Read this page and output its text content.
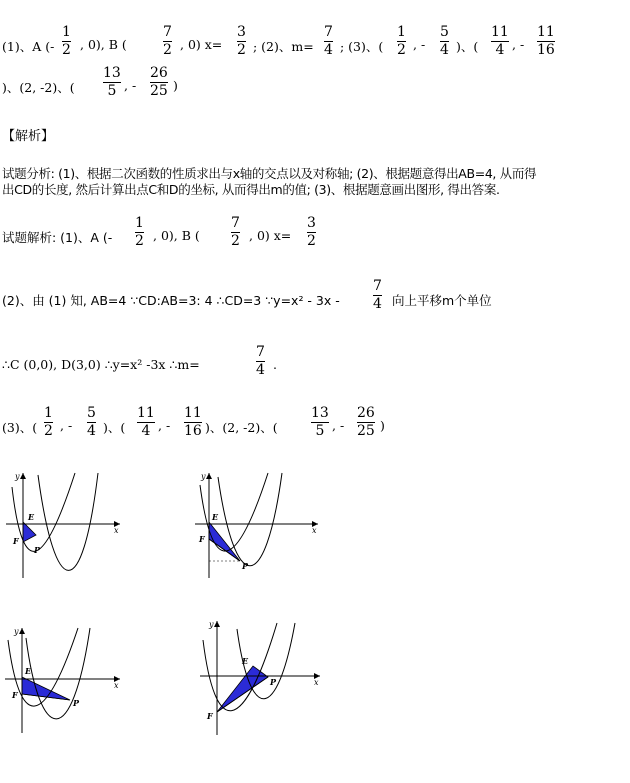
(1)、A (-
1
2 , 0), B (
7
2 , 0) x=
3
2 ; (2)、m=
7
4 ; (3)、(
1
2 , -
5
4 )、(
11
4 , -
11
16
)、(2, -2)、(
13
5 , -
26
25 )
【解析】
试题分析: (1)、根据二次函数的性质求出与x轴的交点以及对称轴; (2)、根据题意得出AB=4, 从而得
出CD的长度, 然后计算出点C和D的坐标, 从而得出m的值; (3)、根据题意画出图形, 得出答案.
试题解析: (1)、A (-
1
2 , 0), B (
7
2 , 0) x=
3
2
(2)、由 (1) 知, AB=4 ∵CD:AB=3: 4 ∴CD=3 ∵y=x² - 3x -
7
4 向上平移m个单位
∴C (0,0), D(3,0) ∴y=x² -3x ∴m=
7
4 .
(3)、(
1
2 , -
5
4 )、(
11
4 , -
11
16 )、(2, -2)、(
13
5 , -
26
25 )
y
x
E
F
P
y
x
E
F
P
y
x
E
F
P
y
x
E
F
P
